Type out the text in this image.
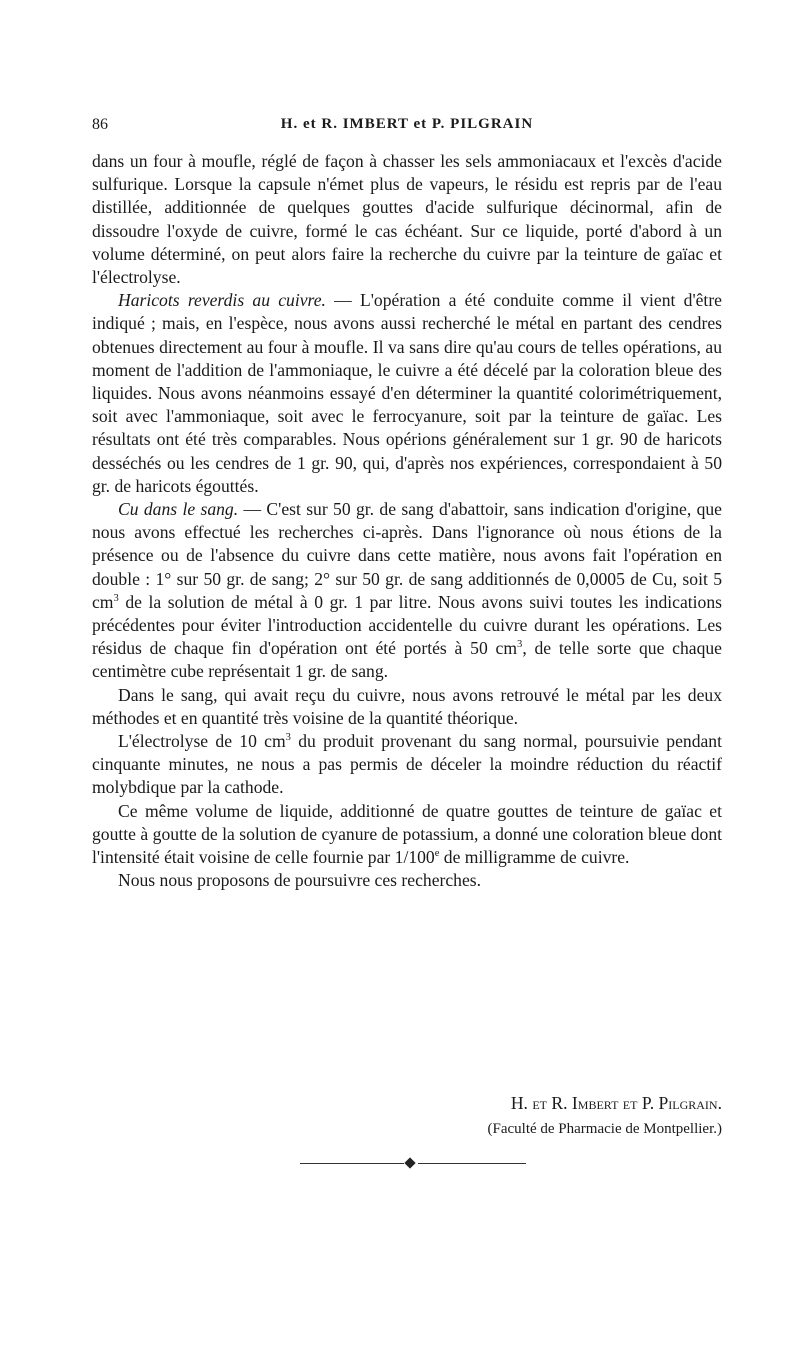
86	H. et R. IMBERT et P. PILGRAIN

dans un four à moufle, réglé de façon à chasser les sels ammoniacaux et l'excès d'acide sulfurique. Lorsque la capsule n'émet plus de vapeurs, le résidu est repris par de l'eau distillée, additionnée de quelques gouttes d'acide sulfurique décinormal, afin de dissoudre l'oxyde de cuivre, formé le cas échéant. Sur ce liquide, porté d'abord à un volume déterminé, on peut alors faire la recherche du cuivre par la teinture de gaïac et l'électrolyse.

Haricots reverdis au cuivre. — L'opération a été conduite comme il vient d'être indiqué ; mais, en l'espèce, nous avons aussi recherché le métal en partant des cendres obtenues directement au four à moufle. Il va sans dire qu'au cours de telles opérations, au moment de l'addition de l'ammoniaque, le cuivre a été décelé par la coloration bleue des liquides. Nous avons néanmoins essayé d'en déterminer la quantité colorimétriquement, soit avec l'ammoniaque, soit avec le ferrocyanure, soit par la teinture de gaïac. Les résultats ont été très comparables. Nous opérions généralement sur 1 gr. 90 de haricots desséchés ou les cendres de 1 gr. 90, qui, d'après nos expériences, correspondaient à 50 gr. de haricots égouttés.

Cu dans le sang. — C'est sur 50 gr. de sang d'abattoir, sans indication d'origine, que nous avons effectué les recherches ci-après. Dans l'ignorance où nous étions de la présence ou de l'absence du cuivre dans cette matière, nous avons fait l'opération en double : 1° sur 50 gr. de sang; 2° sur 50 gr. de sang additionnés de 0,0005 de Cu, soit 5 $cm^3$ de la solution de métal à 0 gr. 1 par litre. Nous avons suivi toutes les indications précédentes pour éviter l'introduction accidentelle du cuivre durant les opérations. Les résidus de chaque fin d'opération ont été portés à 50 $cm^3$, de telle sorte que chaque centimètre cube représentait 1 gr. de sang.

Dans le sang, qui avait reçu du cuivre, nous avons retrouvé le métal par les deux méthodes et en quantité très voisine de la quantité théorique.

L'électrolyse de 10 $cm^3$ du produit provenant du sang normal, poursuivie pendant cinquante minutes, ne nous a pas permis de déceler la moindre réduction du réactif molybdique par la cathode.

Ce même volume de liquide, additionné de quatre gouttes de teinture de gaïac et goutte à goutte de la solution de cyanure de potassium, a donné une coloration bleue dont l'intensité était voisine de celle fournie par 1/100e de milligramme de cuivre.

Nous nous proposons de poursuivre ces recherches.

H. et R. Imbert et P. Pilgrain.
(Faculté de Pharmacie de Montpellier.)
